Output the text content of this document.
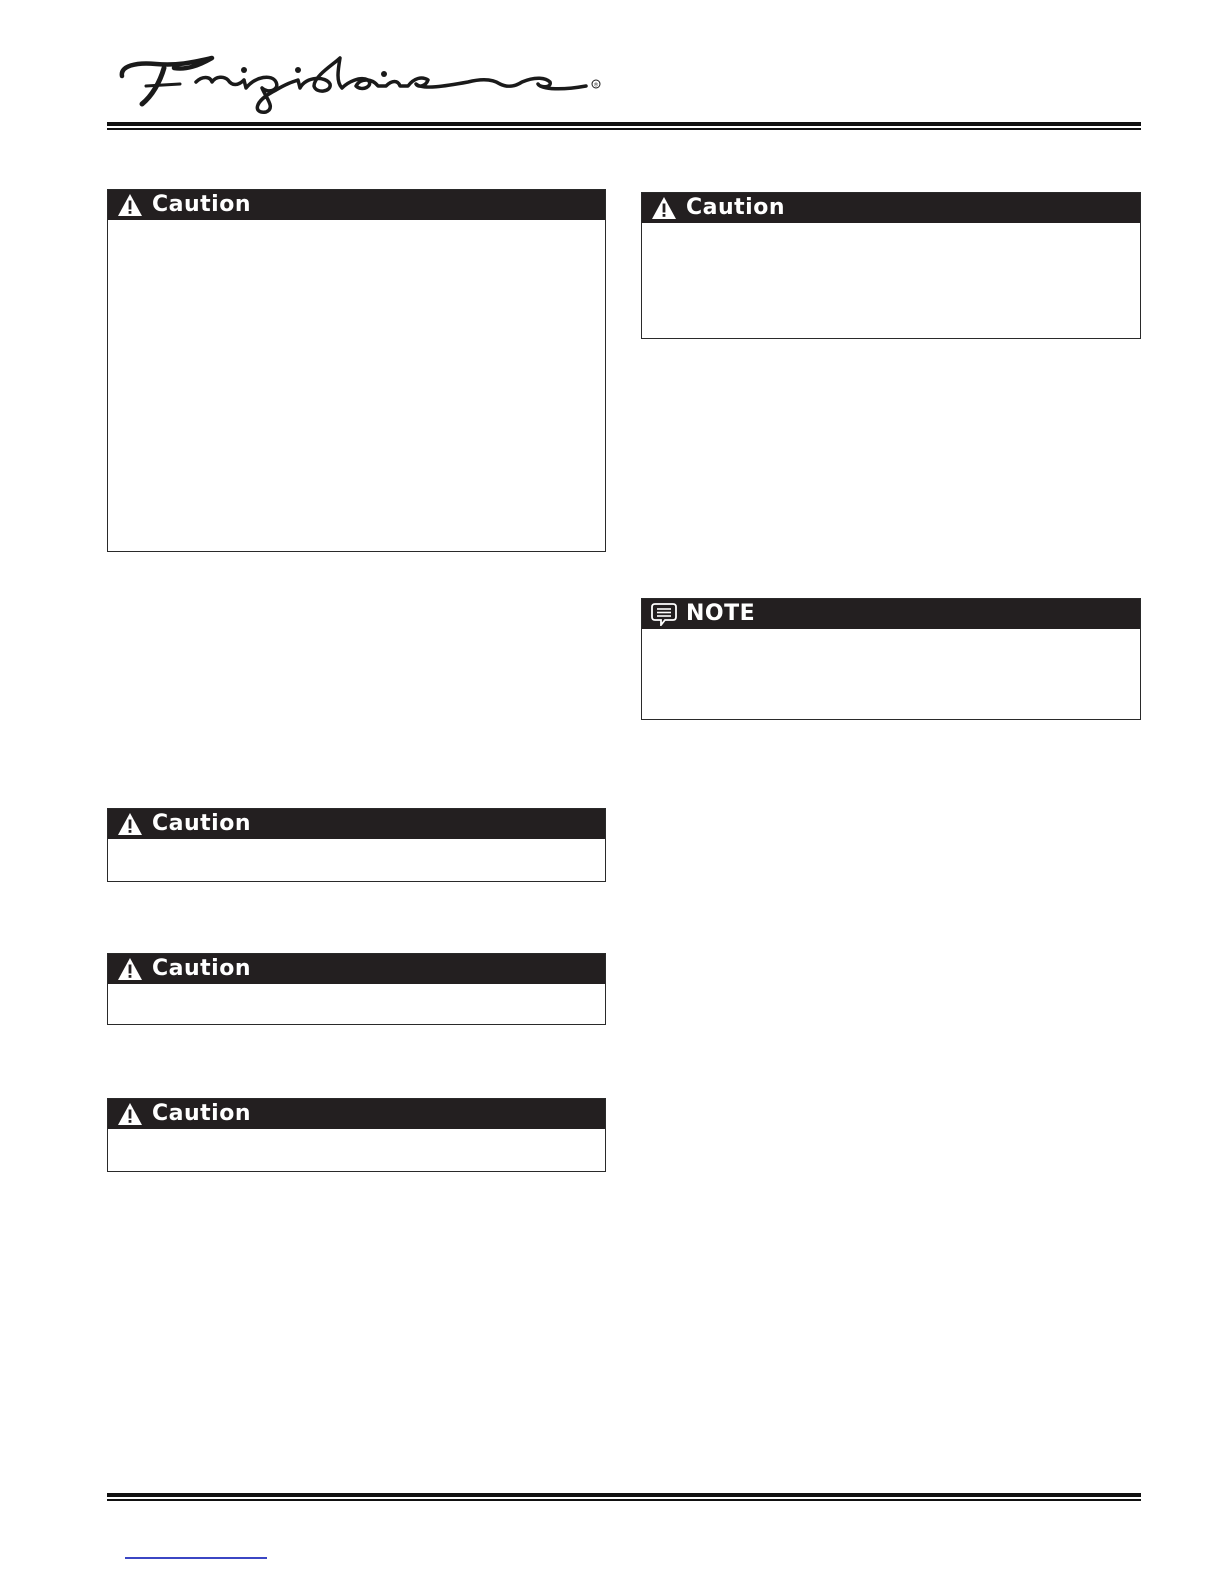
®
Caution
Caution
Caution
Caution
Caution
NOTE
